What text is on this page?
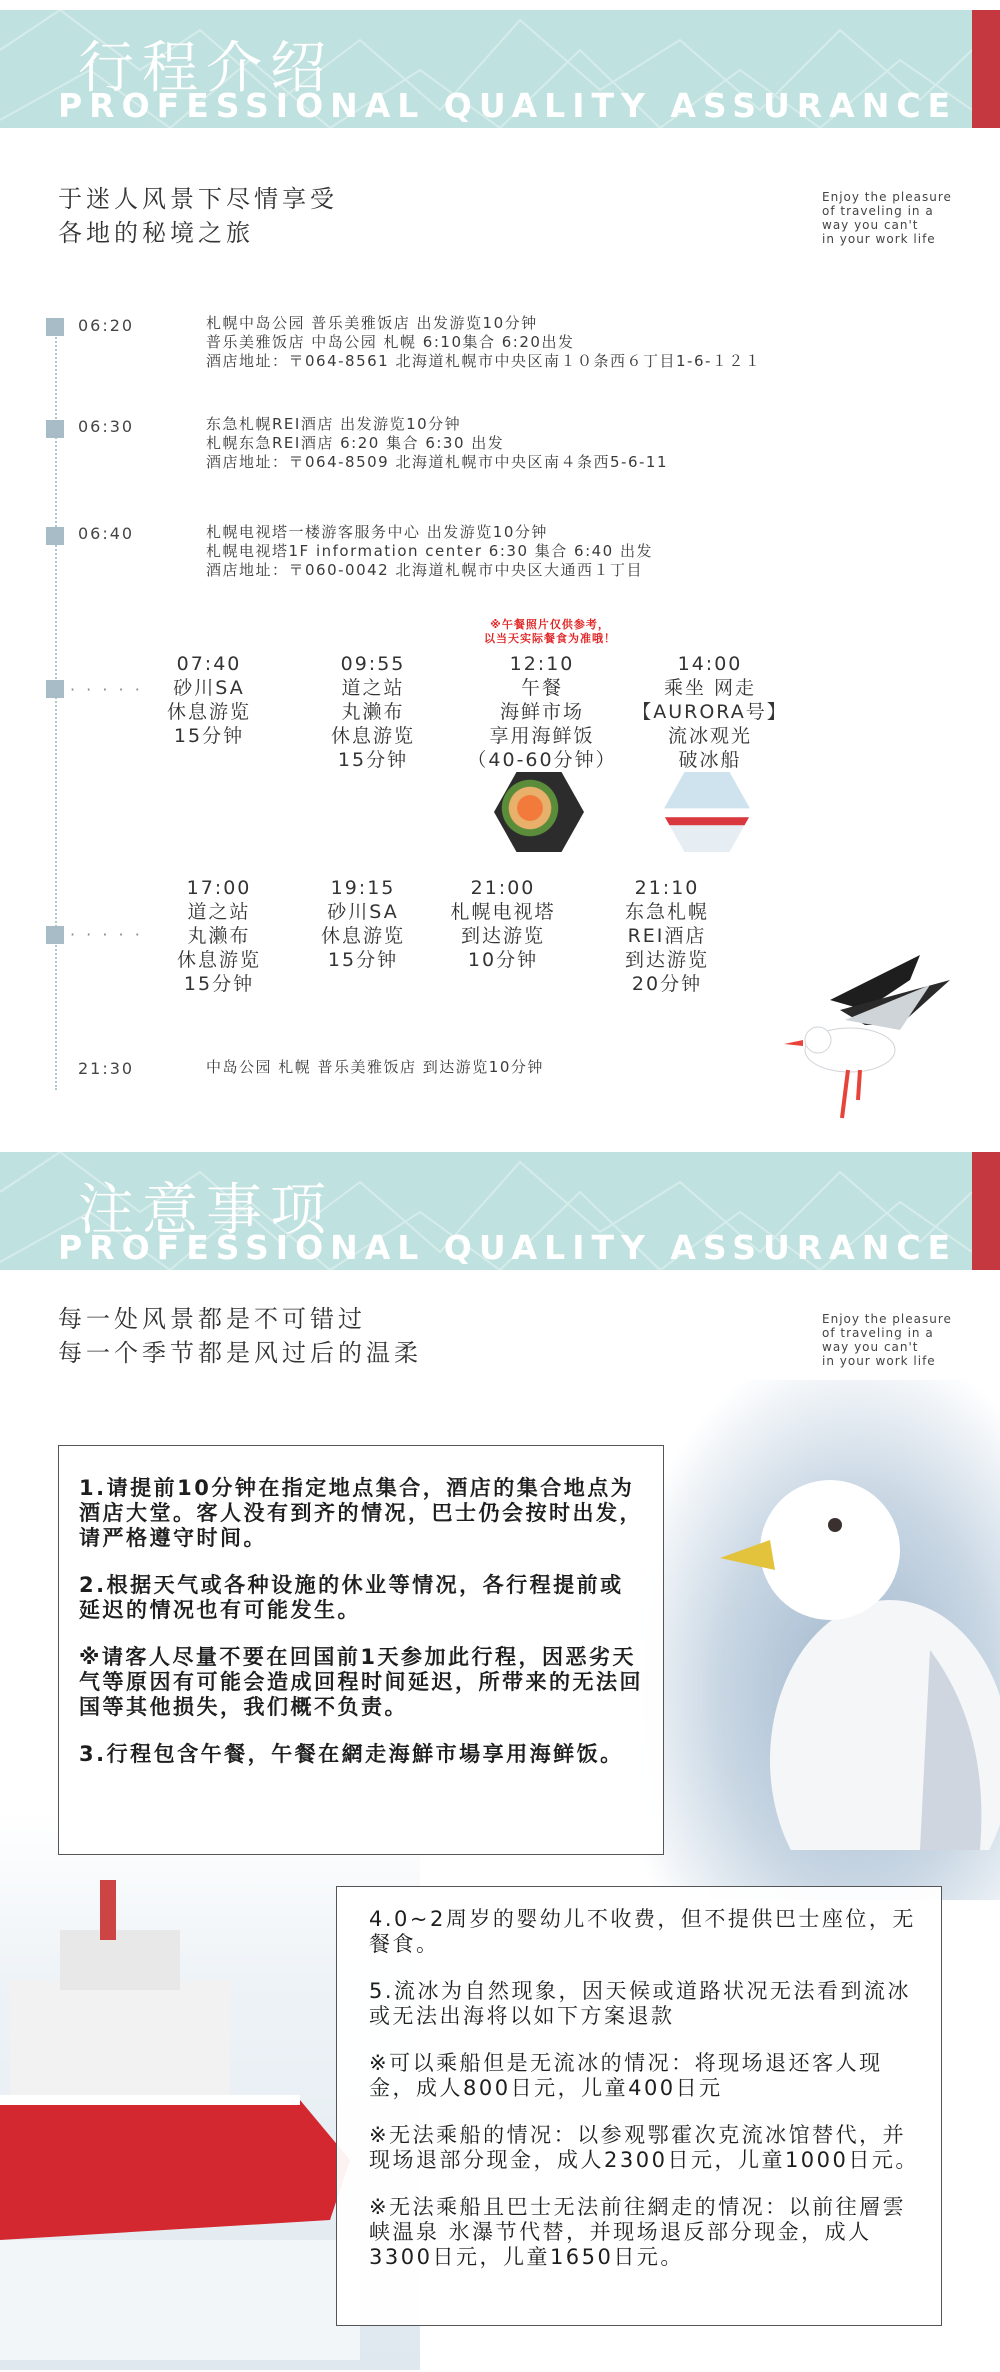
行程介绍
PROFESSIONAL QUALITY ASSURANCE
于迷人风景下尽情享受
各地的秘境之旅
Enjoy the pleasure
of traveling in a
way you can't
in your work life
06:20	札幌中岛公园 普乐美雅饭店 出发游览10分钟
普乐美雅饭店 中岛公园 札幌 6:10集合 6:20出发
酒店地址：〒064-8561 北海道札幌市中央区南１０条西６丁目1-6-１２１
06:30	东急札幌REI酒店 出发游览10分钟
札幌东急REI酒店 6:20 集合 6:30 出发
酒店地址：〒064-8509 北海道札幌市中央区南４条西5-6-11
06:40	札幌电视塔一楼游客服务中心 出发游览10分钟
札幌电视塔1F information center 6:30 集合 6:40 出发
酒店地址：〒060-0042 北海道札幌市中央区大通西１丁目
※午餐照片仅供参考，
以当天实际餐食为准哦！
· · · · ·
07:40
砂川SA
休息游览
15分钟
09:55
道之站
丸濑布
休息游览
15分钟
12:10
午餐
海鲜市场
享用海鲜饭
（40-60分钟）
14:00
乘坐 网走
【AURORA号】
流冰观光
破冰船
· · · · ·
17:00
道之站
丸濑布
休息游览
15分钟
19:15
砂川SA
休息游览
15分钟
21:00
札幌电视塔
到达游览
10分钟
21:10
东急札幌
REI酒店
到达游览
20分钟
21:30	中岛公园 札幌 普乐美雅饭店 到达游览10分钟
注意事项
PROFESSIONAL QUALITY ASSURANCE
每一处风景都是不可错过
每一个季节都是风过后的温柔
Enjoy the pleasure
of traveling in a
way you can't
in your work life
1.请提前10分钟在指定地点集合，酒店的集合地点为酒店大堂。客人没有到齐的情况，巴士仍会按时出发，请严格遵守时间。
2.根据天气或各种设施的休业等情况，各行程提前或延迟的情况也有可能发生。
※请客人尽量不要在回国前1天参加此行程，因恶劣天气等原因有可能会造成回程时间延迟，所带来的无法回国等其他损失，我们概不负责。
3.行程包含午餐，午餐在網走海鮮市場享用海鲜饭。
4.0~2周岁的婴幼儿不收费，但不提供巴士座位，无餐食。
5.流冰为自然现象，因天候或道路状况无法看到流冰或无法出海将以如下方案退款
※可以乘船但是无流冰的情况：将现场退还客人现金，成人800日元，儿童400日元
※无法乘船的情况：以参观鄂霍次克流冰馆替代，并现场退部分现金，成人2300日元，儿童1000日元。
※无法乘船且巴士无法前往網走的情况：以前往層雲峡温泉 氷瀑节代替，并现场退反部分现金，成人3300日元，儿童1650日元。
